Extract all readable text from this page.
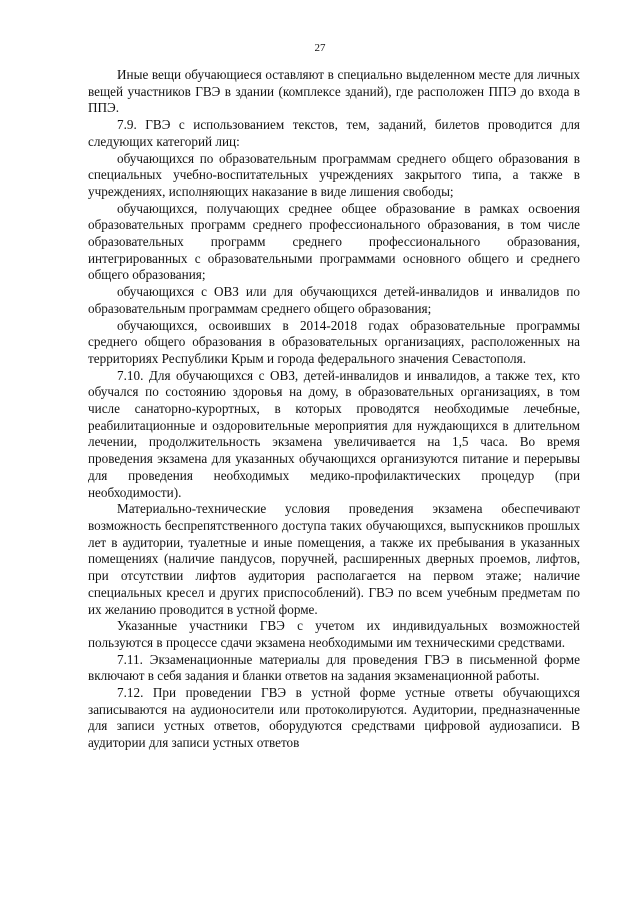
27

Иные вещи обучающиеся оставляют в специально выделенном месте для личных вещей участников ГВЭ в здании (комплексе зданий), где расположен ППЭ до входа в ППЭ.

7.9. ГВЭ с использованием текстов, тем, заданий, билетов проводится для следующих категорий лиц:

обучающихся по образовательным программам среднего общего образования в специальных учебно-воспитательных учреждениях закрытого типа, а также в учреждениях, исполняющих наказание в виде лишения свободы;

обучающихся, получающих среднее общее образование в рамках освоения образовательных программ среднего профессионального образования, в том числе образовательных программ среднего профессионального образования, интегрированных с образовательными программами основного общего и среднего общего образования;

обучающихся с ОВЗ или для обучающихся детей-инвалидов и инвалидов по образовательным программам среднего общего образования;

обучающихся, освоивших в 2014-2018 годах образовательные программы среднего общего образования в образовательных организациях, расположенных на территориях Республики Крым и города федерального значения Севастополя.

7.10. Для обучающихся с ОВЗ, детей-инвалидов и инвалидов, а также тех, кто обучался по состоянию здоровья на дому, в образовательных организациях, в том числе санаторно-курортных, в которых проводятся необходимые лечебные, реабилитационные и оздоровительные мероприятия для нуждающихся в длительном лечении, продолжительность экзамена увеличивается на 1,5 часа. Во время проведения экзамена для указанных обучающихся организуются питание и перерывы для проведения необходимых медико-профилактических процедур (при необходимости).

Материально-технические условия проведения экзамена обеспечивают возможность беспрепятственного доступа таких обучающихся, выпускников прошлых лет в аудитории, туалетные и иные помещения, а также их пребывания в указанных помещениях (наличие пандусов, поручней, расширенных дверных проемов, лифтов, при отсутствии лифтов аудитория располагается на первом этаже; наличие специальных кресел и других приспособлений). ГВЭ по всем учебным предметам по их желанию проводится в устной форме.

Указанные участники ГВЭ с учетом их индивидуальных возможностей пользуются в процессе сдачи экзамена необходимыми им техническими средствами.

7.11. Экзаменационные материалы для проведения ГВЭ в письменной форме включают в себя задания и бланки ответов на задания экзаменационной работы.

7.12. При проведении ГВЭ в устной форме устные ответы обучающихся записываются на аудионосители или протоколируются. Аудитории, предназначенные для записи устных ответов, оборудуются средствами цифровой аудиозаписи. В аудитории для записи устных ответов
